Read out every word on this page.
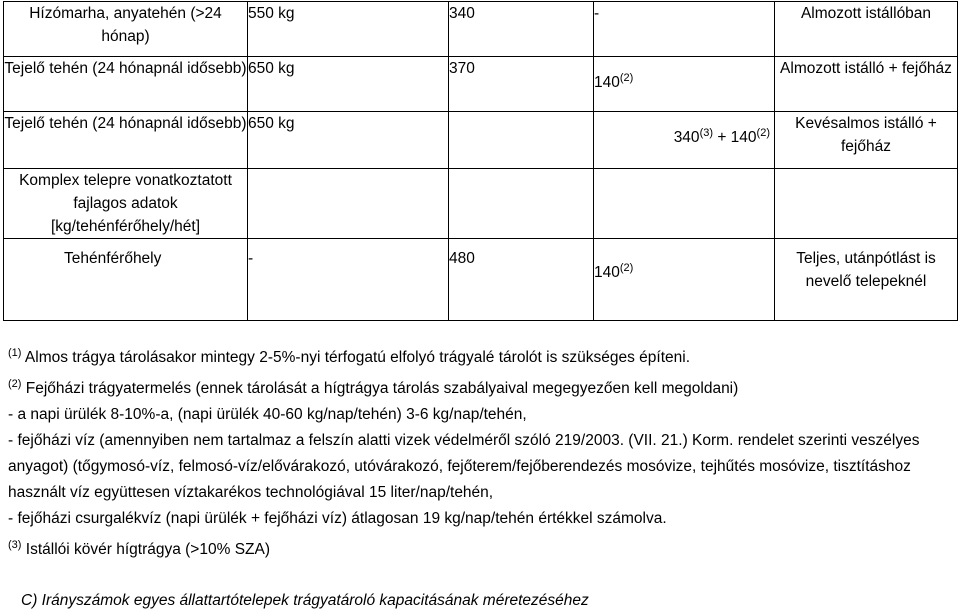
Hízómarha, anyatehén (>24 hónap)	550 kg	340	-	Almozott istállóban
Tejelő tehén (24 hónapnál idősebb)	650 kg	370	140$^{(2)}$	Almozott istálló + fejőház
Tejelő tehén (24 hónapnál idősebb)	650 kg		$340^{(3)} + 140^{(2)}$	Kevésalmos istálló + fejőház
Komplex telepre vonatkoztatott fajlagos adatok [kg/tehénférőhely/hét]				
Tehénférőhely	-	480	140$^{(2)}$	Teljes, utánpótlást is nevelő telepeknél

$^{(1)}$ Almos trágya tárolásakor mintegy 2-5%-nyi térfogatú elfolyó trágyalé tárolót is szükséges építeni.

$^{(2)}$ Fejőházi trágyatermelés (ennek tárolását a hígtrágya tárolás szabályaival megegyezően kell megoldani)

- a napi ürülék 8-10%-a, (napi ürülék 40-60 kg/nap/tehén) 3-6 kg/nap/tehén,

- fejőházi víz (amennyiben nem tartalmaz a felszín alatti vizek védelméről szóló 219/2003. (VII. 21.) Korm. rendelet szerinti veszélyes anyagot) (tőgymosó-víz, felmosó-víz/elővárakozó, utóvárakozó, fejőterem/fejőberendezés mosóvize, tejhűtés mosóvize, tisztításhoz használt víz együttesen víztakarékos technológiával 15 liter/nap/tehén,

- fejőházi csurgalékvíz (napi ürülék + fejőházi víz) átlagosan 19 kg/nap/tehén értékkel számolva.

$^{(3)}$ Istállói kövér hígtrágya (>10% SZA)

C) Irányszámok egyes állattartótelepek trágyatároló kapacitásának méretezéséhez
